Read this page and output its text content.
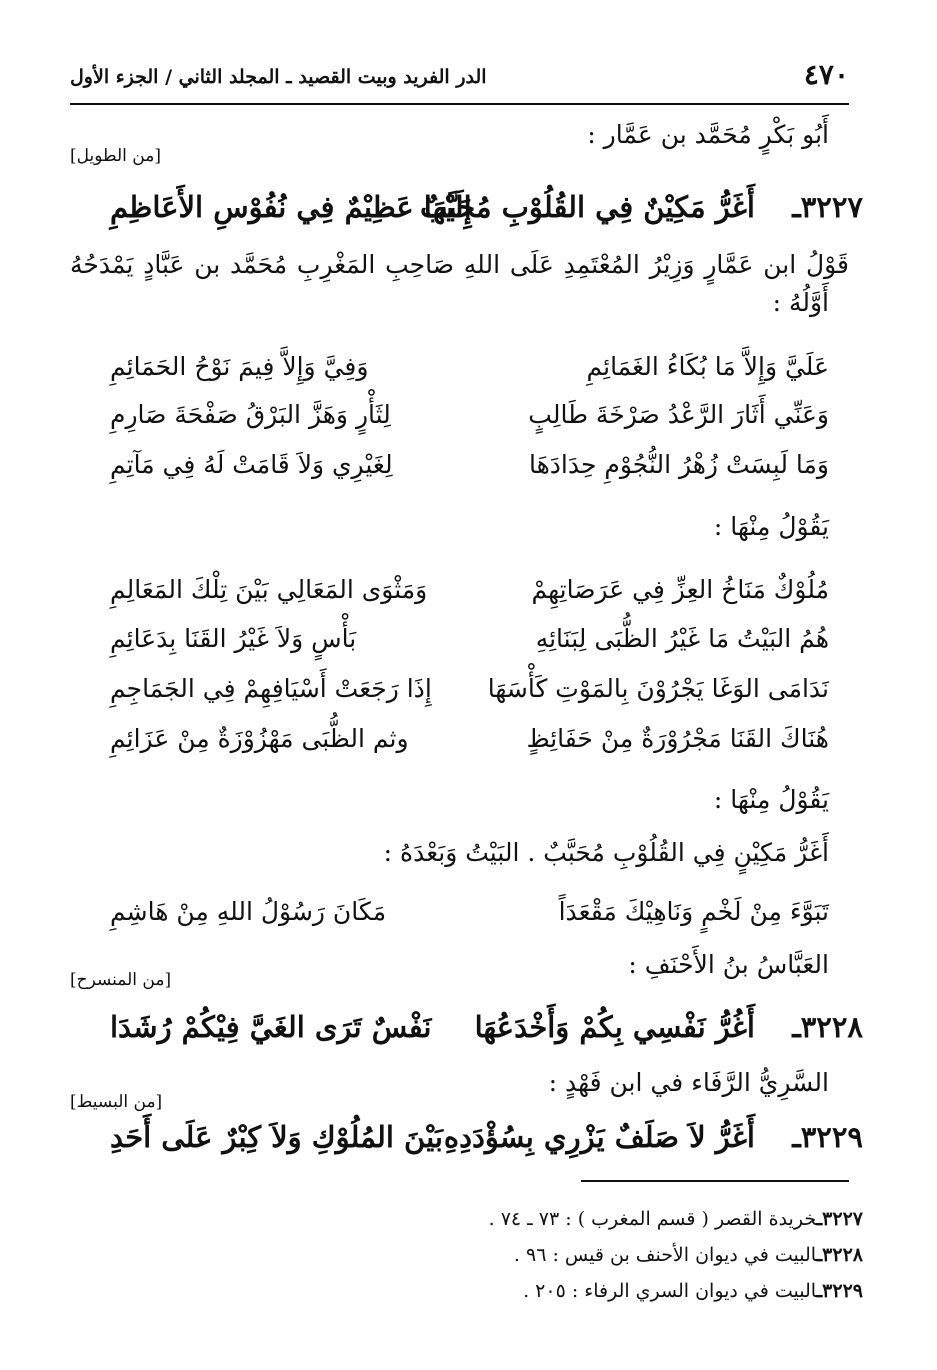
٤٧٠
الدر الفريد وبيت القصيد ـ المجلد الثاني / الجزء الأول
أَبُو بَكْرٍ مُحَمَّد بن عَمَّار :
[من الطويل]
٣٢٢٧ـ
أَغَرُّ مَكِيْنٌ فِي القُلُوْبِ مُحَبَّبٌ
إِلَيْهَا عَظِيْمٌ فِي نُفُوْسِ الأَعَاظِمِ
قَوْلُ ابن عَمَّارٍ وَزِيْرُ المُعْتَمِدِ عَلَى اللهِ صَاحِبِ المَغْرِبِ مُحَمَّد بن عَبَّادٍ يَمْدَحُهُ
أَوَّلُهُ :
عَلَيَّ وَإِلاَّ مَا بُكَاءُ الغَمَائِمِ
وَفِيَّ وَإِلاَّ فِيمَ نَوْحُ الحَمَائِمِ
وَعَنِّي أَثَارَ الرَّعْدُ صَرْخَةَ طَالِبٍ
لِثَأْرٍ وَهَزَّ البَرْقُ صَفْحَةَ صَارِمِ
وَمَا لَبِسَتْ زُهْرُ النُّجُوْمِ حِدَادَهَا
لِغَيْرِي وَلاَ قَامَتْ لَهُ فِي مَآتِمِ
يَقُوْلُ مِنْهَا :
مُلُوْكٌ مَنَاخُ العِزِّ فِي عَرَصَاتِهِمْ
وَمَثْوَى المَعَالِي بَيْنَ تِلْكَ المَعَالِمِ
هُمُ البَيْتُ مَا غَيْرُ الظُّبَى لِبَنَائِهِ
بَأْسٍ وَلاَ غَيْرُ القَنَا بِدَعَائِمِ
نَدَامَى الوَغَا يَجْرُوْنَ بِالمَوْتِ كَأْسَهَا
إِذَا رَجَعَتْ أَسْيَافِهِمْ فِي الجَمَاجِمِ
هُنَاكَ القَنَا مَجْرُوْرَةٌ مِنْ حَفَائِظٍ
وثم الظُّبَى مَهْزُوْزَةٌ مِنْ عَزَائِمِ
يَقُوْلُ مِنْهَا :
أَغَرُّ مَكِيْنٍ فِي القُلُوْبِ مُحَبَّبٌ . البَيْتُ وَبَعْدَهُ :
تَبَوَّءَ مِنْ لَخْمٍ وَنَاهِيْكَ مَقْعَدَاً
مَكَانَ رَسُوْلُ اللهِ مِنْ هَاشِمِ
العَبَّاسُ بنُ الأَحْنَفِ :
[من المنسرح]
٣٢٢٨ـ
أَغُرُّ نَفْسِي بِكُمْ وَأَخْدَعُهَا
نَفْسٌ تَرَى الغَيَّ فِيْكُمْ رُشَدَا
السَّرِيُّ الرَّفَاء في ابن فَهْدٍ :
[من البسيط]
٣٢٢٩ـ
أَغَرُّ لاَ صَلَفٌ يَزْرِي بِسُؤْدَدِهِ
بَيْنَ المُلُوْكِ وَلاَ كِبْرٌ عَلَى أَحَدِ
٣٢٢٧ـخريدة القصر ( قسم المغرب ) : ٧٣ ـ ٧٤ .
٣٢٢٨ـالبيت في ديوان الأحنف بن قيس : ٩٦ .
٣٢٢٩ـالبيت في ديوان السري الرفاء : ٢٠٥ .
